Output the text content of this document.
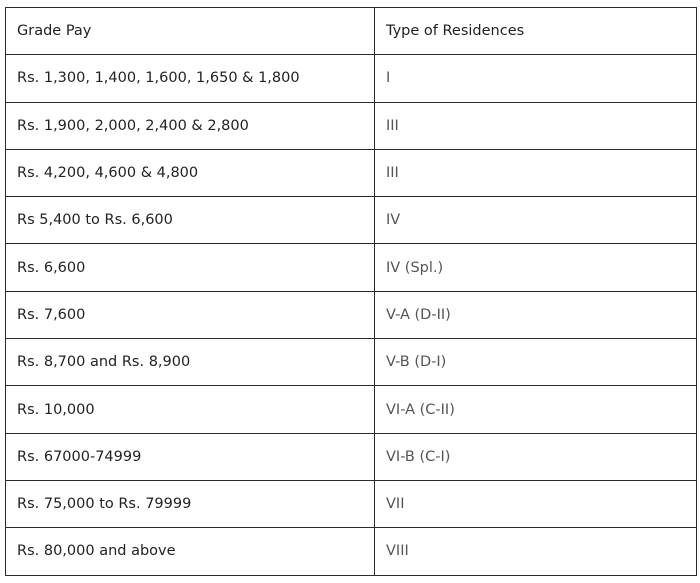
Grade Pay	Type of Residences
Rs. 1,300, 1,400, 1,600, 1,650 & 1,800	I
Rs. 1,900, 2,000, 2,400 & 2,800	III
Rs. 4,200, 4,600 & 4,800	III
Rs 5,400 to Rs. 6,600	IV
Rs. 6,600	IV (Spl.)
Rs. 7,600	V-A (D-II)
Rs. 8,700 and Rs. 8,900	V-B (D-I)
Rs. 10,000	VI-A (C-II)
Rs. 67000-74999	VI-B (C-I)
Rs. 75,000 to Rs. 79999	VII
Rs. 80,000 and above	VIII
